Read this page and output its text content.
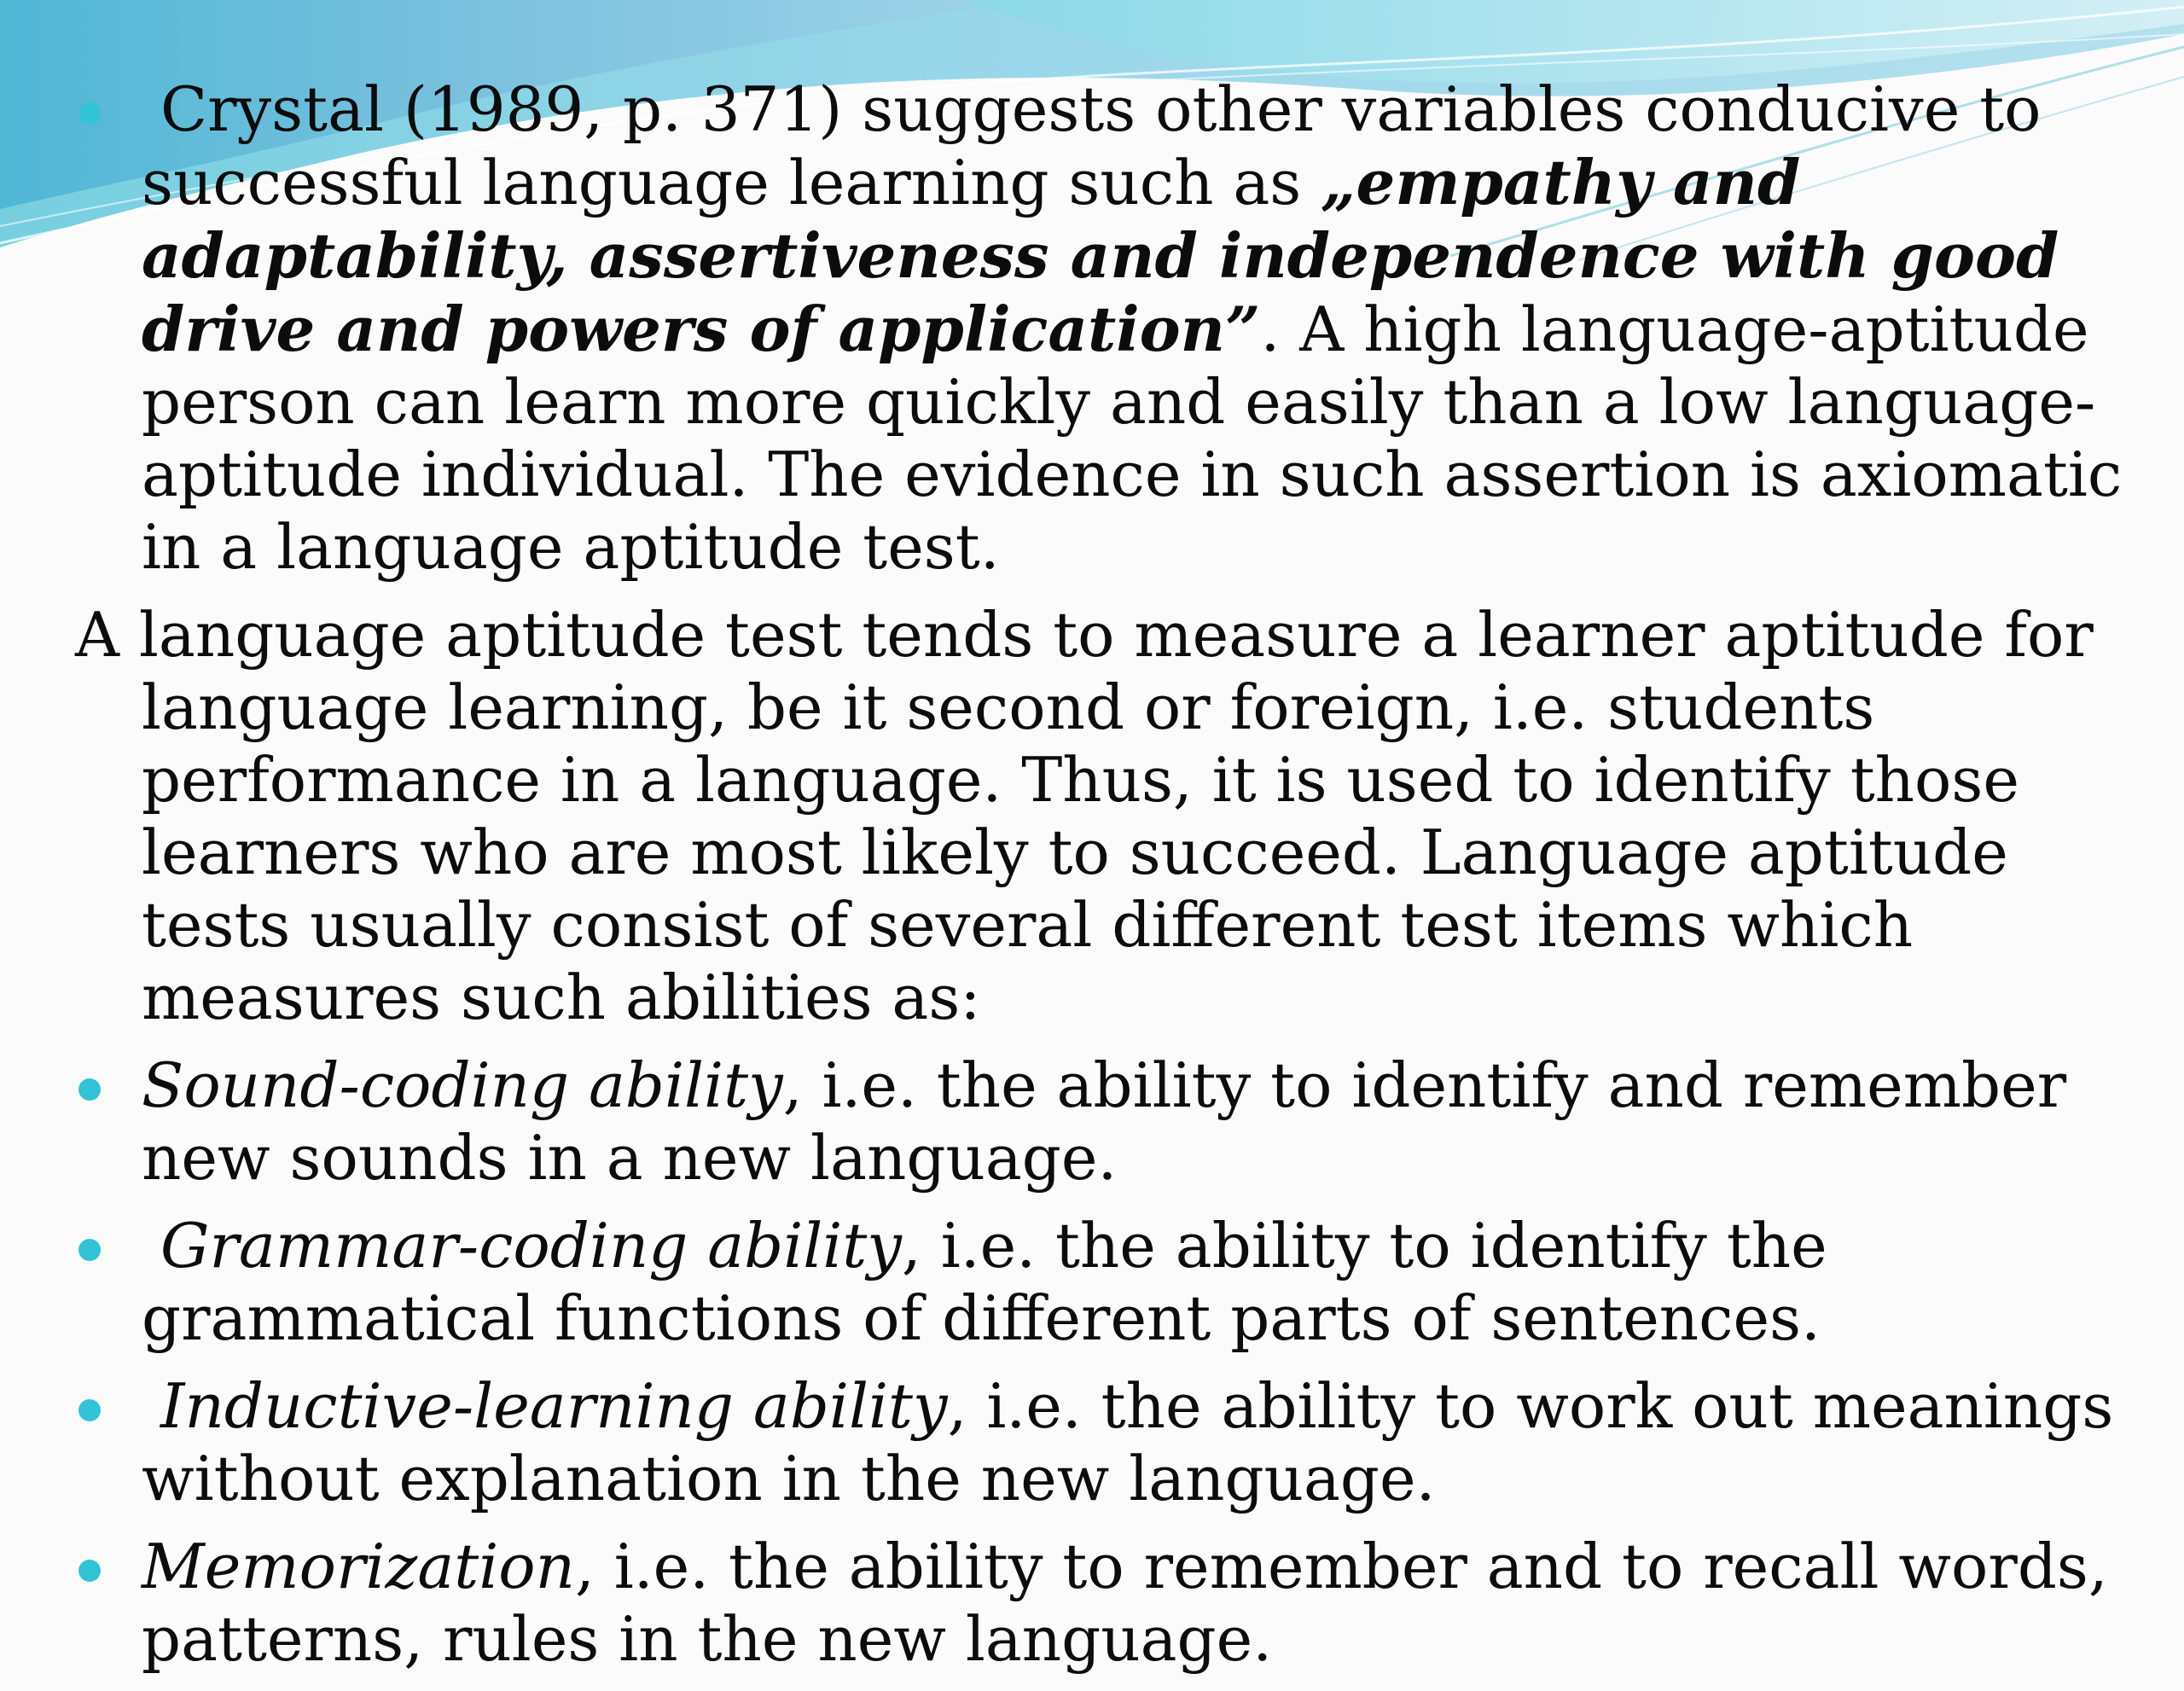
Crystal (1989, p. 371) suggests other variables conducive to successful language learning such as „empathy and adaptability, assertiveness and independence with good drive and powers of application”. A high language-aptitude person can learn more quickly and easily than a low language-aptitude individual. The evidence in such assertion is axiomatic in a language aptitude test.
A language aptitude test tends to measure a learner aptitude for language learning, be it second or foreign, i.e. students performance in a language. Thus, it is used to identify those learners who are most likely to succeed. Language aptitude tests usually consist of several different test items which measures such abilities as:
Sound-coding ability, i.e. the ability to identify and remember new sounds in a new language.
Grammar-coding ability, i.e. the ability to identify the grammatical functions of different parts of sentences.
Inductive-learning ability, i.e. the ability to work out meanings without explanation in the new language.
Memorization, i.e. the ability to remember and to recall words, patterns, rules in the new language.
